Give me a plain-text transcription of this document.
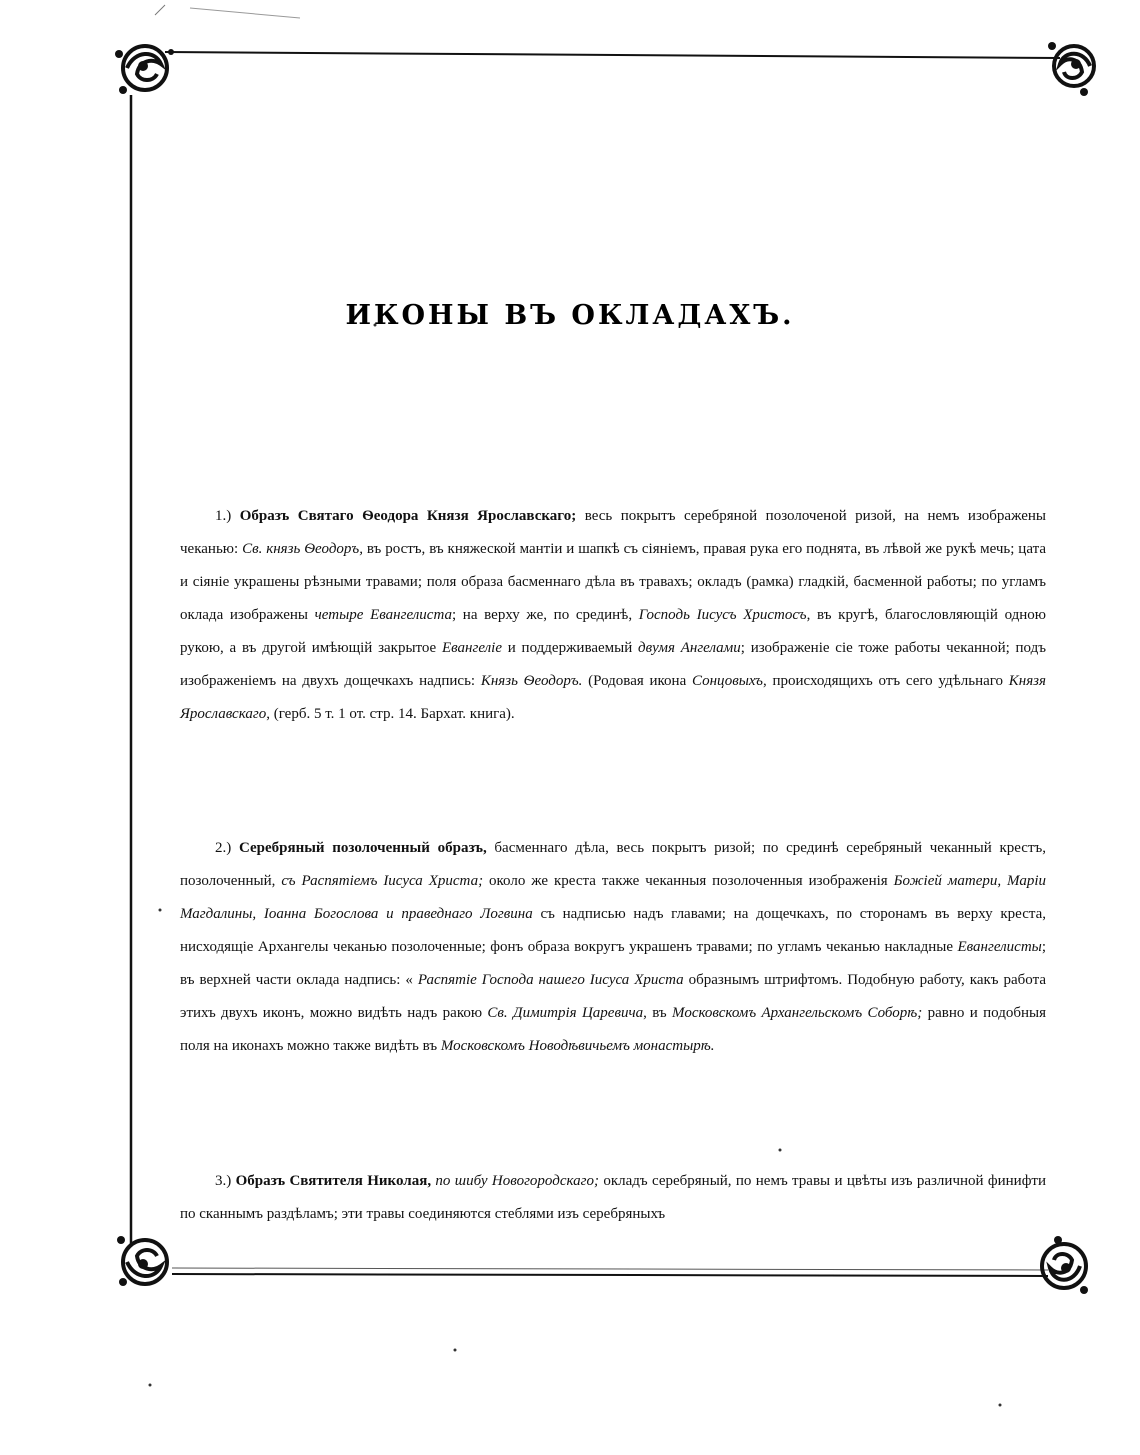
ИКОНЫ ВЪ ОКЛАДАХЪ.

1.) Образъ Святаго Ѳеодора Князя Ярославскаго; весь покрытъ серебряной позолоченой ризой, на немъ изображены чеканью: Св. князь Ѳеодоръ, въ ростъ, въ княжеской мантіи и шапкѣ съ сіяніемъ, правая рука его поднята, въ лѣвой же рукѣ мечь; цата и сіяніе украшены рѣзными травами; поля образа басменнаго дѣла въ травахъ; окладъ (рамка) гладкій, басменной работы; по угламъ оклада изображены четыре Евангелиста; на верху же, по срединѣ, Господь Іисусъ Христосъ, въ кругѣ, благословляющій одною рукою, а въ другой имѣющій закрытое Евангеліе и поддерживаемый двумя Ангелами; изображеніе сіе тоже работы чеканной; подъ изображеніемъ на двухъ дощечкахъ надпись: Князь Ѳеодоръ. (Родовая икона Сонцовыхъ, происходящихъ отъ сего удѣльнаго Князя Ярославскаго, (герб. 5 т. 1 от. стр. 14. Бархат. книга).

2.) Серебряный позолоченный образъ, басменнаго дѣла, весь покрытъ ризой; по срединѣ серебряный чеканный крестъ, позолоченный, съ Распятіемъ Іисуса Христа; около же креста также чеканныя позолоченныя изображенія Божіей матери, Маріи Магдалины, Іоанна Богослова и праведнаго Логвина съ надписью надъ главами; на дощечкахъ, по сторонамъ въ верху креста, нисходящіе Архангелы чеканью позолоченные; фонъ образа вокругъ украшенъ травами; по угламъ чеканью накладные Евангелисты; въ верхней части оклада надпись: « Распятіе Господа нашего Іисуса Христа образнымъ штрифтомъ. Подобную работу, какъ работа этихъ двухъ иконъ, можно видѣть надъ ракою Св. Димитрія Царевича, въ Московскомъ Архангельскомъ Соборѣ; равно и подобныя поля на иконахъ можно также видѣть въ Московскомъ Новодѣвичьемъ монастырѣ.

3.) Образъ Святителя Николая, по шибу Новогородскаго; окладъ серебряный, по немъ травы и цвѣты изъ различной финифти по сканнымъ раздѣламъ; эти травы соединяются стеблями изъ серебряныхъ
